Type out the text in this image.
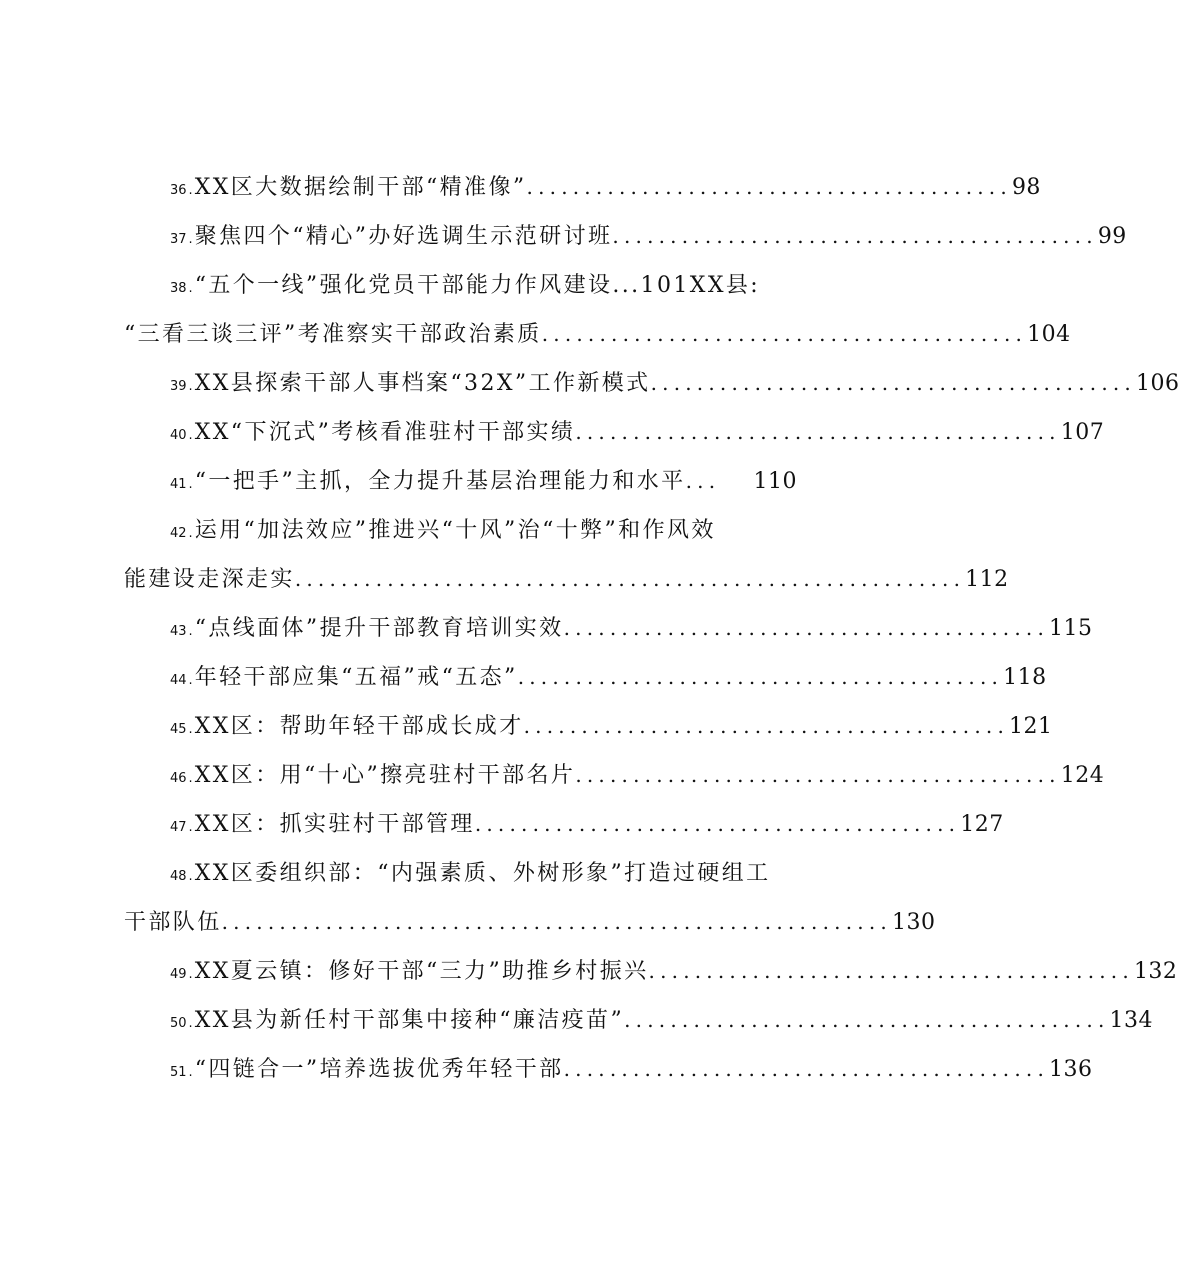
36 . XX区大数据绘制干部“精准像” .......................................... 98
37 . 聚焦四个“精心”办好选调生示范研讨班 .......................................... 99
38 . “五个一线”强化党员干部能力作风建设...101XX县:
“三看三谈三评”考准察实干部政治素质 .......................................... 104
39 . XX县探索干部人事档案“32X”工作新模式 .......................................... 106
40 . XX“下沉式”考核看准驻村干部实绩 .......................................... 107
41 . “一把手”主抓，全力提升基层治理能力和水平 ...	110
42 . 运用“加法效应”推进兴“十风”治“十弊”和作风效
能建设走深走实 .......................................................... 112
43 . “点线面体”提升干部教育培训实效 .......................................... 115
44 . 年轻干部应集“五福”戒“五态” .......................................... 118
45 . XX区：帮助年轻干部成长成才 .......................................... 121
46 . XX区：用“十心”擦亮驻村干部名片 .......................................... 124
47 . XX区：抓实驻村干部管理 .......................................... 127
48 . XX区委组织部：“内强素质、外树形象”打造过硬组工
干部队伍 .......................................................... 130
49 . XX夏云镇：修好干部“三力”助推乡村振兴 .......................................... 132
50 . XX县为新任村干部集中接种“廉洁疫苗” .......................................... 134
51 . “四链合一”培养选拔优秀年轻干部 .......................................... 136
